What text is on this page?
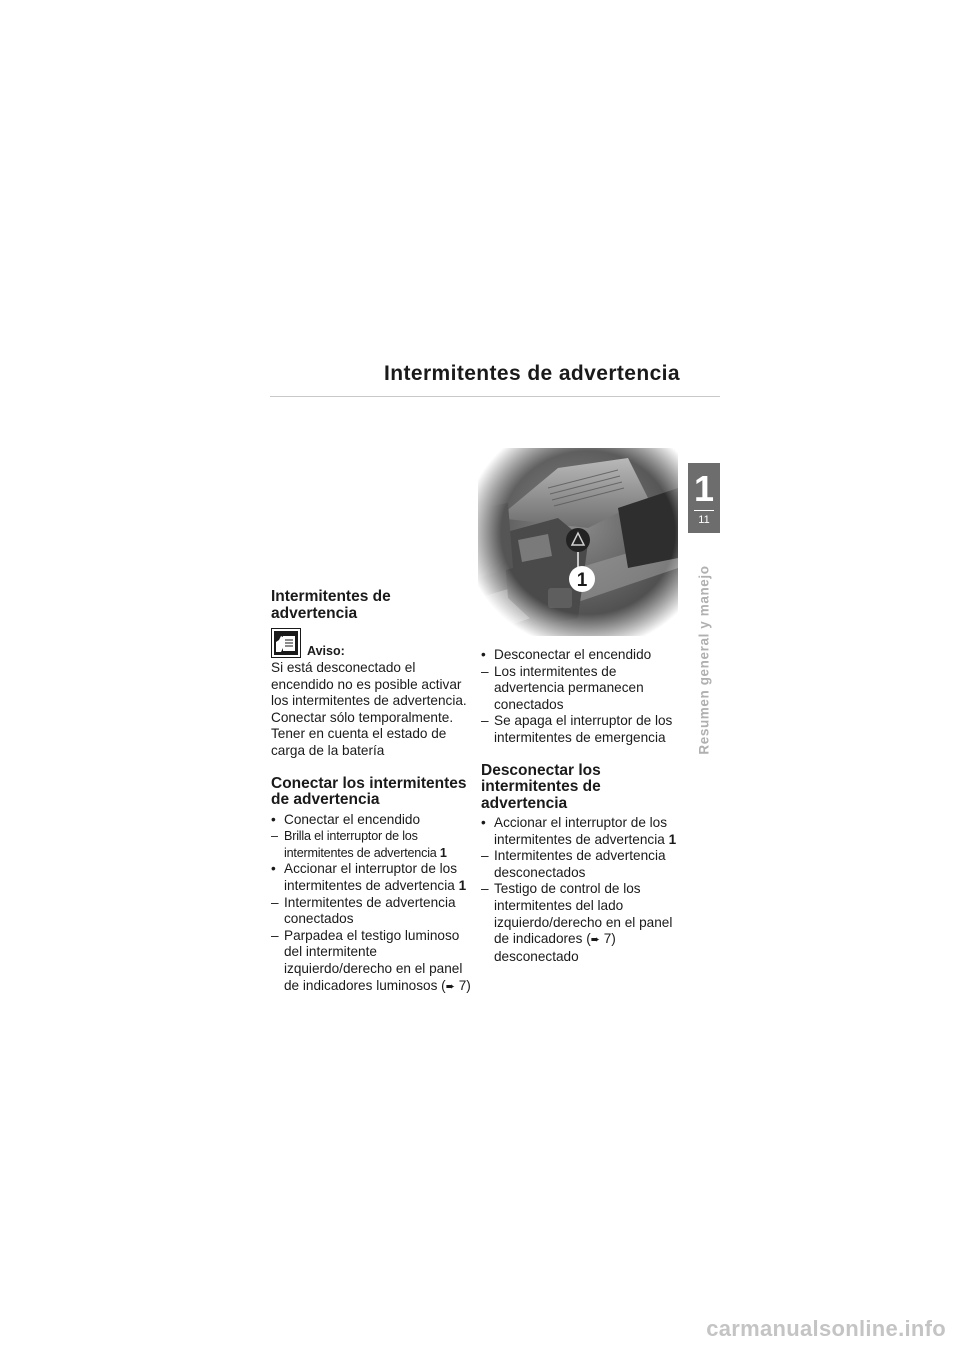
Intermitentes de advertencia
1
11
Resumen general y manejo
Intermitentes de advertencia
Aviso:

Si está desconectado el encendido no es posible activar los intermitentes de advertencia. Conectar sólo temporalmente. Tener en cuenta el estado de carga de la batería

Conectar los intermitentes de advertencia
• Conectar el encendido
– Brilla el interruptor de los intermitentes de advertencia 1
• Accionar el interruptor de los intermitentes de advertencia 1
– Intermitentes de advertencia conectados
– Parpadea el testigo luminoso del intermitente izquierdo/derecho en el panel de indicadores luminosos (➨ 7)
• Desconectar el encendido
– Los intermitentes de advertencia permanecen conectados
– Se apaga el interruptor de los intermitentes de emergencia
Desconectar los intermitentes de advertencia
• Accionar el interruptor de los intermitentes de advertencia 1
– Intermitentes de advertencia desconectados
– Testigo de control de los intermitentes del lado izquierdo/derecho en el panel de indicadores (➨ 7) desconectado
carmanualsonline.info
